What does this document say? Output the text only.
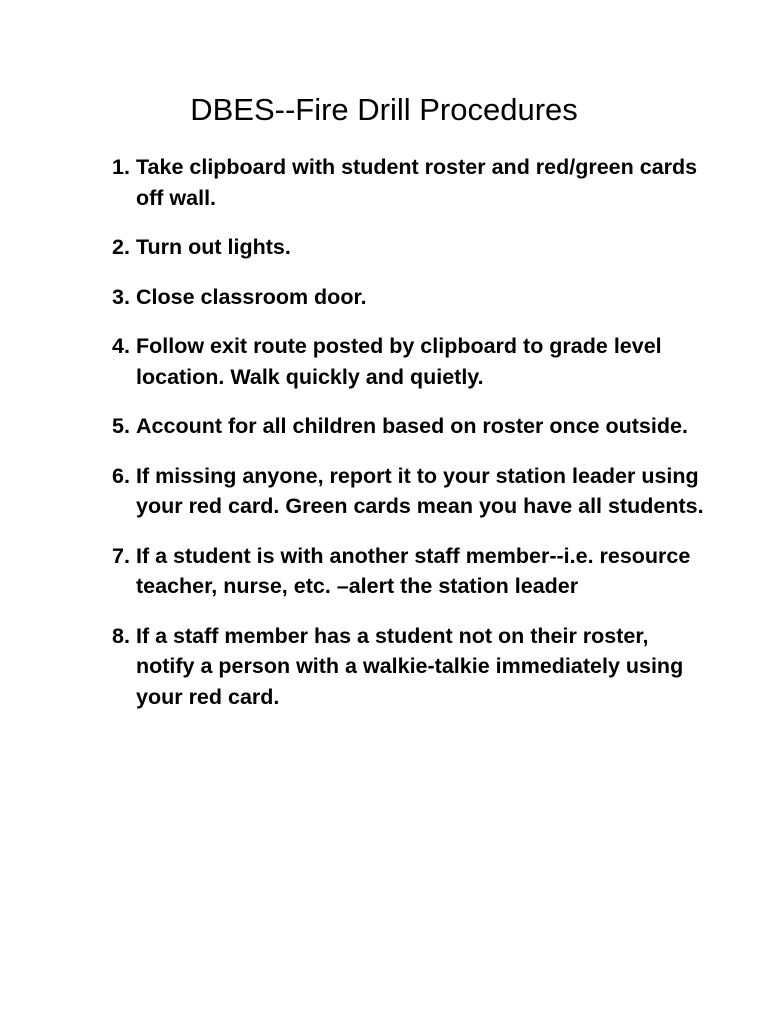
DBES--Fire Drill Procedures
1. Take clipboard with student roster and red/green cards off wall.
2. Turn out lights.
3. Close classroom door.
4. Follow exit route posted by clipboard to grade level location. Walk quickly and quietly.
5. Account for all children based on roster once outside.
6. If missing anyone, report it to your station leader using your red card. Green cards mean you have all students.
7. If a student is with another staff member--i.e. resource teacher, nurse, etc. –alert the station leader
8. If a staff member has a student not on their roster, notify a person with a walkie-talkie immediately using your red card.
